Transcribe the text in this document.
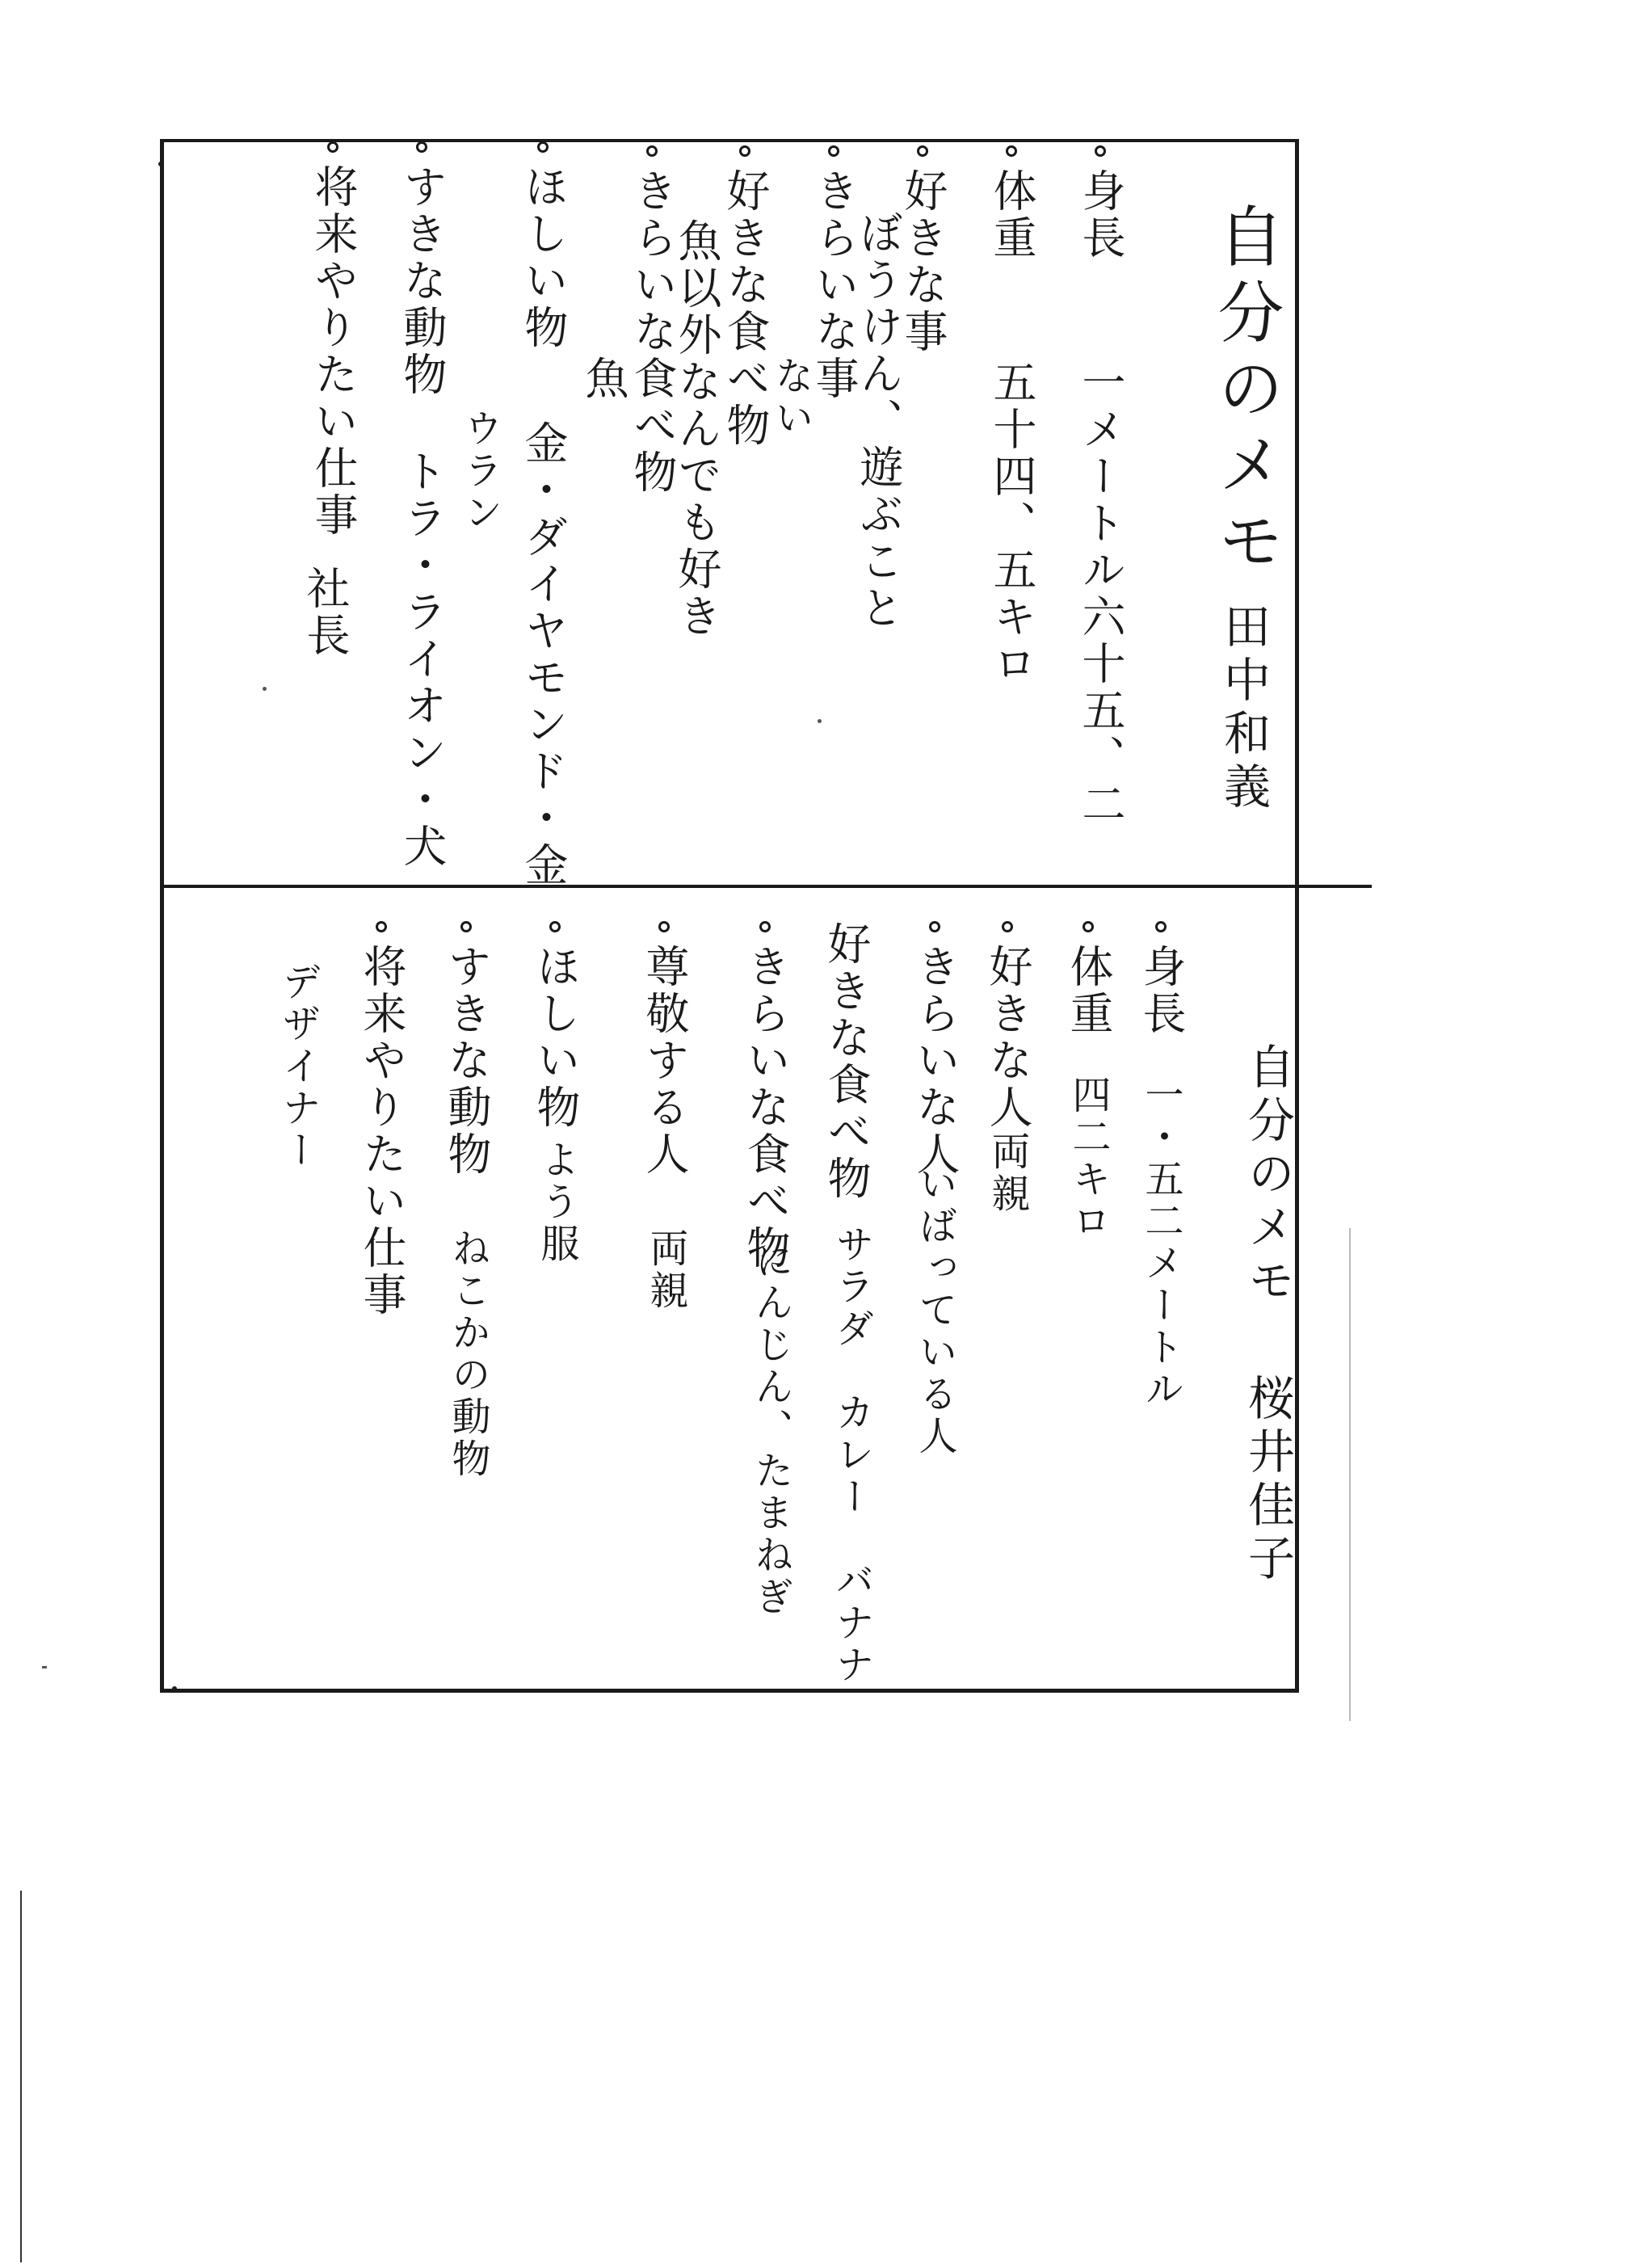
自分のメモ
田中和義
身長
一メートル六十五、二
体重
五十四、五キロ
好きな事
ぼうけん、遊ぶこと
きらいな事
ない
好きな食べ物
魚以外なんでも好き
きらいな食べ物
魚
ほしい物
金・ダイヤモンド・金
ウラン
すきな動物
トラ・ライオン・犬
将来やりたい仕事
社長
自分のメモ
桜井佳子
身長
一・五二メートル
体重
四二キロ
好きな人
両親
きらいな人
いばっている人
好きな食べ物
サラダ　カレー　バナナ
きらいな食べ物
にんじん、たまねぎ
尊敬する人
両親
ほしい物
よう服
すきな動物
ねこかの動物
将来やりたい仕事
デザイナー
